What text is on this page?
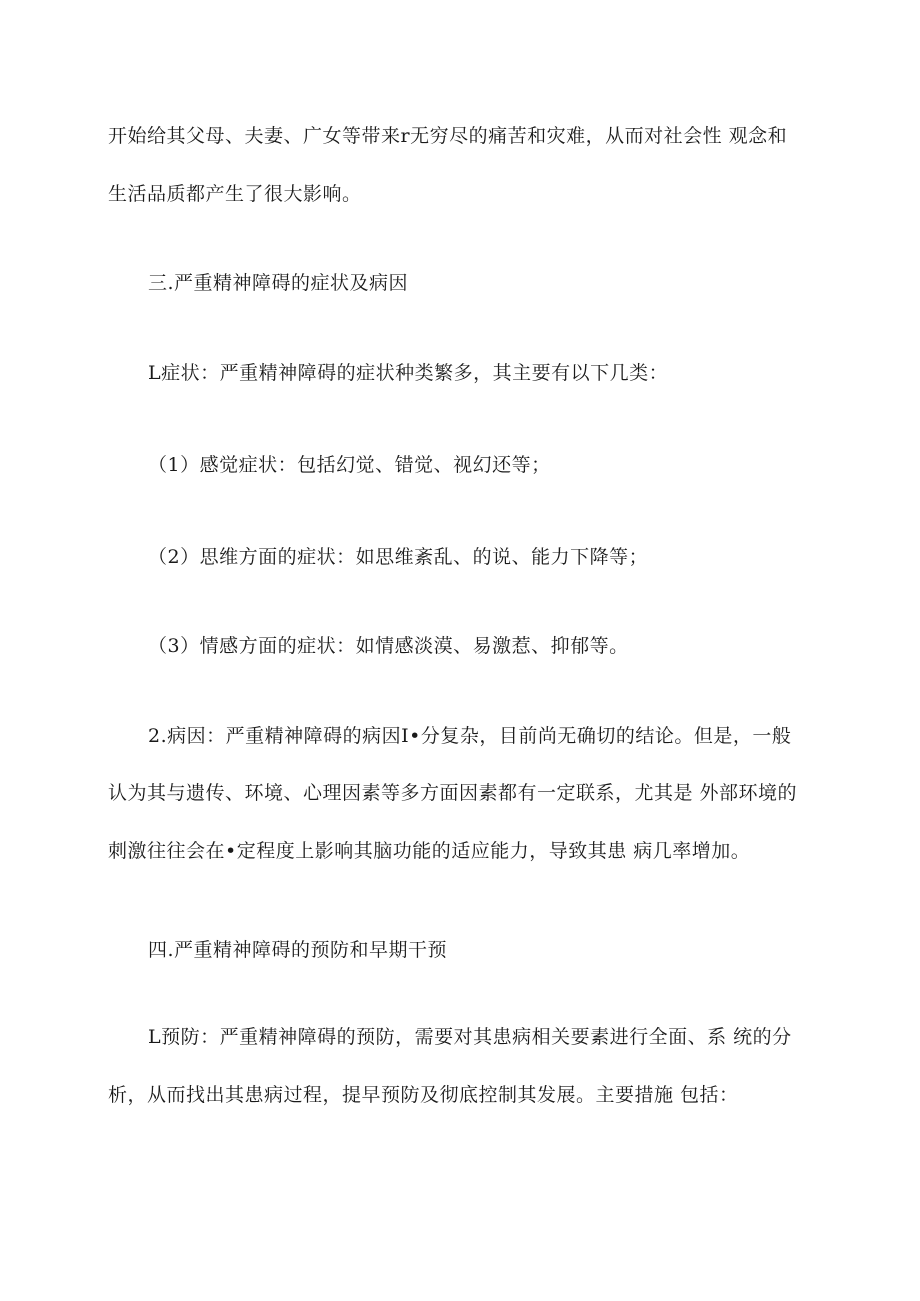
开始给其父母、夫妻、广女等带来r无穷尽的痛苦和灾难，从而对社会性 观念和
生活品质都产生了很大影响。
三.严重精神障碍的症状及病因
L症状：严重精神障碍的症状种类繁多，其主要有以下几类：
（1）感觉症状：包括幻觉、错觉、视幻还等；
（2）思维方面的症状：如思维紊乱、的说、能力下降等；
（3）情感方面的症状：如情感淡漠、易激惹、抑郁等。
2.病因：严重精神障碍的病因I•分复杂，目前尚无确切的结论。但是，一般
认为其与遗传、环境、心理因素等多方面因素都有一定联系，尤其是 外部环境的
刺激往往会在•定程度上影响其脑功能的适应能力，导致其患 病几率增加。
四.严重精神障碍的预防和早期干预
L预防：严重精神障碍的预防，需要对其患病相关要素进行全面、系 统的分
析，从而找出其患病过程，提早预防及彻底控制其发展。主要措施 包括：
